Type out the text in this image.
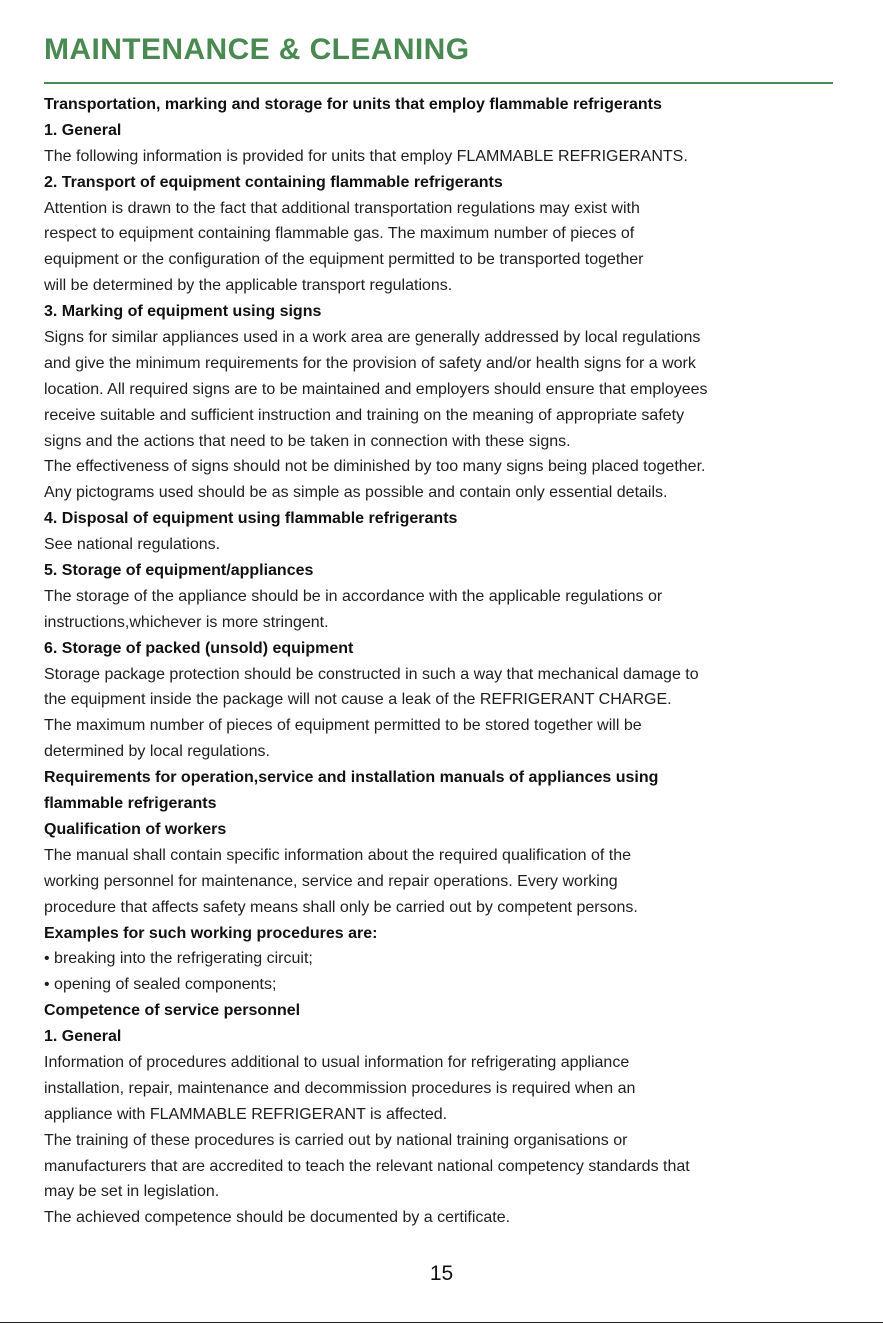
MAINTENANCE & CLEANING

Transportation, marking and storage for units that employ flammable refrigerants

1. General

The following information is provided for units that employ FLAMMABLE REFRIGERANTS.

2. Transport of equipment containing flammable refrigerants

Attention is drawn to the fact that additional transportation regulations may exist with

respect to equipment containing flammable gas. The maximum number of pieces of

equipment or the configuration of the equipment permitted to be transported together

will be determined by the applicable transport regulations.

3. Marking of equipment using signs

Signs for similar appliances used in a work area are generally addressed by local regulations

and give the minimum requirements for the provision of safety and/or health signs for a work

location. All required signs are to be maintained and employers should ensure that employees

receive suitable and sufficient instruction and training on the meaning of appropriate safety

signs and the actions that need to be taken in connection with these signs.

The effectiveness of signs should not be diminished by too many signs being placed together.

Any pictograms used should be as simple as possible and contain only essential details.

4. Disposal of equipment using flammable refrigerants

See national regulations.

5. Storage of equipment/appliances

The storage of the appliance should be in accordance with the applicable regulations or

instructions,whichever is more stringent.

6. Storage of packed (unsold) equipment

Storage package protection should be constructed in such a way that mechanical damage to

the equipment inside the package will not cause a leak of the REFRIGERANT CHARGE.

The maximum number of pieces of equipment permitted to be stored together will be

determined by local regulations.

Requirements for operation,service and installation manuals of appliances using

flammable refrigerants

Qualification of workers

The manual shall contain specific information about the required qualification of the

working personnel for maintenance, service and repair operations. Every working

procedure that affects safety means shall only be carried out by competent persons.

Examples for such working procedures are:

• breaking into the refrigerating circuit;

• opening of sealed components;

Competence of service personnel

1. General

Information of procedures additional to usual information for refrigerating appliance

installation, repair, maintenance and decommission procedures is required when an

appliance with FLAMMABLE REFRIGERANT is affected.

The training of these procedures is carried out by national training organisations or

manufacturers that are accredited to teach the relevant national competency standards that

may be set in legislation.

The achieved competence should be documented by a certificate.

15
